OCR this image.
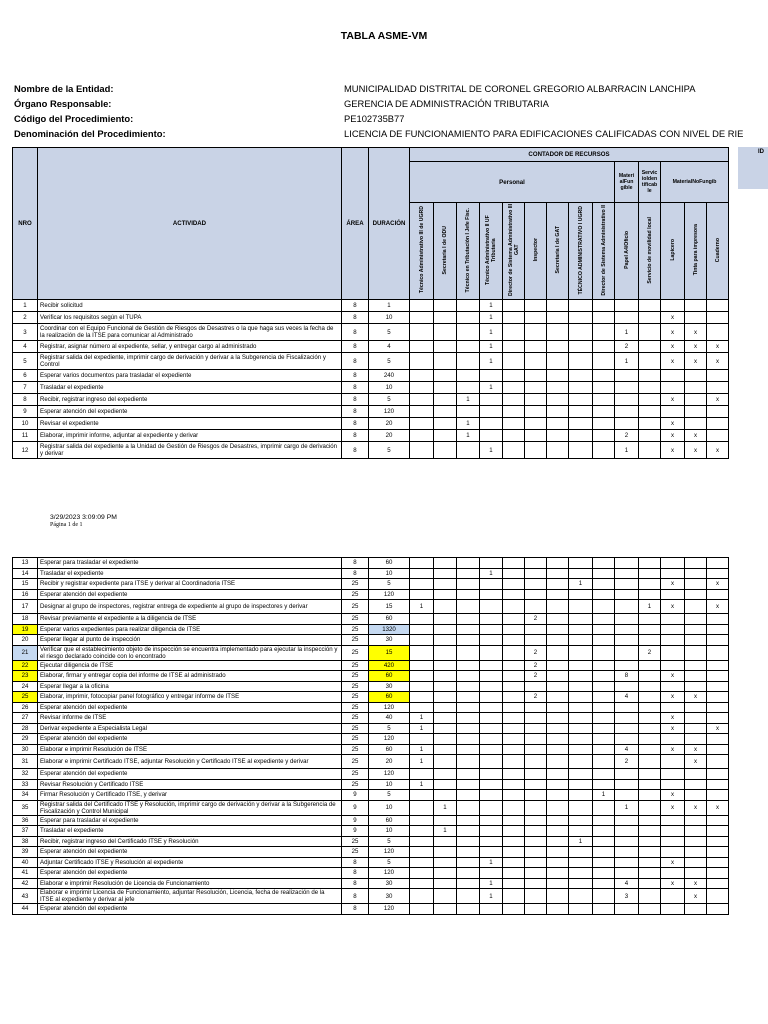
TABLA ASME-VM
Nombre de la Entidad:	MUNICIPALIDAD DISTRITAL DE CORONEL GREGORIO ALBARRACIN LANCHIPA
Órgano Responsable:	GERENCIA DE ADMINISTRACIÓN TRIBUTARIA
Código del Procedimiento:	PE102735B77
Denominación del Procedimiento:	LICENCIA DE FUNCIONAMIENTO PARA EDIFICACIONES CALIFICADAS CON NIVEL DE RIE
NRO	ACTIVIDAD	ÁREA	DURACIÓN	CONTADOR DE RECURSOS													
				Personal									Materi alFun gible	Servic ioIden tificab le	MaterialNoFungib		
				Técnico Administrativo III de UGRD	Secretaria I de ODU	Técnico en Tributación I Jefe Fisc.	Técnico Administrativo II UF Tributaria	Director de Sistema Administrativo III GAT	Inspector	Secretaria I de GAT	TÉCNICO ADMINISTRATIVO I UGRD	Director de Sistema Administrativo II	Papel A4/Oficio	Servicio de movilidad local	Lapicero	Tinta para impresora	Cuaderno
1	Recibir solicitud	8	1				1										
2	Verificar los requisitos según el TUPA	8	10				1								x		
3	Coordinar con el Equipo Funcional de Gestión de Riesgos de Desastres o la que haga sus veces la fecha de la realización de la ITSE para comunicar al Administrado	8	5				1						1		x	x	
4	Registrar, asignar número al expediente, sellar, y entregar cargo al administrado	8	4				1						2		x	x	x
5	Registrar salida del expediente, imprimir cargo de derivación y derivar a la Subgerencia de Fiscalización y Control	8	5				1						1		x	x	x
6	Esperar varios documentos para trasladar el expediente	8	240														
7	Trasladar el expediente	8	10				1										
8	Recibir, registrar ingreso del expediente	8	5			1									x		x
9	Esperar atención del expediente	8	120														
10	Revisar el expediente	8	20			1									x		
11	Elaborar, imprimir informe, adjuntar al expediente y derivar	8	20			1							2		x	x	
12	Registrar salida del expediente a la Unidad de Gestión de Riesgos de Desastres, imprimir cargo de derivación y derivar	8	5				1						1		x	x	x
ID
3/29/2023 3:09:09 PM
Página 1 de 1
13	Esperar para trasladar el expediente	8	60														
14	Trasladar el expediente	8	10				1										
15	Recibir y registrar expediente para ITSE y derivar al Coordinadoria ITSE	25	5								1				x		x
16	Esperar atención del expediente	25	120														
17	Designar al grupo de inspectores, registrar entrega de expediente al grupo de inspectores y derivar	25	15	1										1	x		x
18	Revisar previamente el expediente a la diligencia de ITSE	25	60						2								
19	Esperar varios expedientes para realizar diligencia de ITSE	25	1320														
20	Esperar llegar al punto de inspección	25	30														
21	Verificar que el establecimiento objeto de inspección se encuentra implementado para ejecutar la inspección y el riesgo declarado coincide con lo encontrado	25	15						2					2			
22	Ejecutar diligencia de ITSE	25	420						2								
23	Elaborar, firmar y entregar copia del informe de ITSE al administrado	25	60						2				8		x		
24	Esperar llegar a la oficina	25	30														
25	Elaborar, imprimir, fotocopiar panel fotográfico y entregar informe de ITSE	25	60						2				4		x	x	
26	Esperar atención del expediente	25	120														
27	Revisar informe de ITSE	25	40	1											x		
28	Derivar expediente a Especialista Legal	25	5	1											x		x
29	Esperar atención del expediente	25	120														
30	Elaborar e imprimir Resolución de ITSE	25	60	1									4		x	x	
31	Elaborar e imprimir Certificado ITSE, adjuntar Resolución y Certificado ITSE al expediente y derivar	25	20	1									2			x	
32	Esperar atención del expediente	25	120														
33	Revisar Resolución y Certificado ITSE	25	10	1													
34	Firmar Resolución y Certificado ITSE, y derivar	9	5									1			x		
35	Registrar salida del Certificado ITSE y Resolución, imprimir cargo de derivación y derivar a la Subgerencia de Fiscalización y Control Municipal	9	10		1								1		x	x	x
36	Esperar para trasladar el expediente	9	60														
37	Trasladar el expediente	9	10		1												
38	Recibir, registrar ingreso del Certificado ITSE y Resolución	25	5								1						
39	Esperar atención del expediente	25	120														
40	Adjuntar Certificado ITSE y Resolución al expediente	8	5				1								x		
41	Esperar atención del expediente	8	120														
42	Elaborar e imprimir Resolución de Licencia de Funcionamiento	8	30				1						4		x	x	
43	Elaborar e imprimir Licencia de Funcionamiento, adjuntar Resolución, Licencia, fecha de realización de la ITSE al expediente y derivar al jefe	8	30				1						3			x	
44	Esperar atención del expediente	8	120														
